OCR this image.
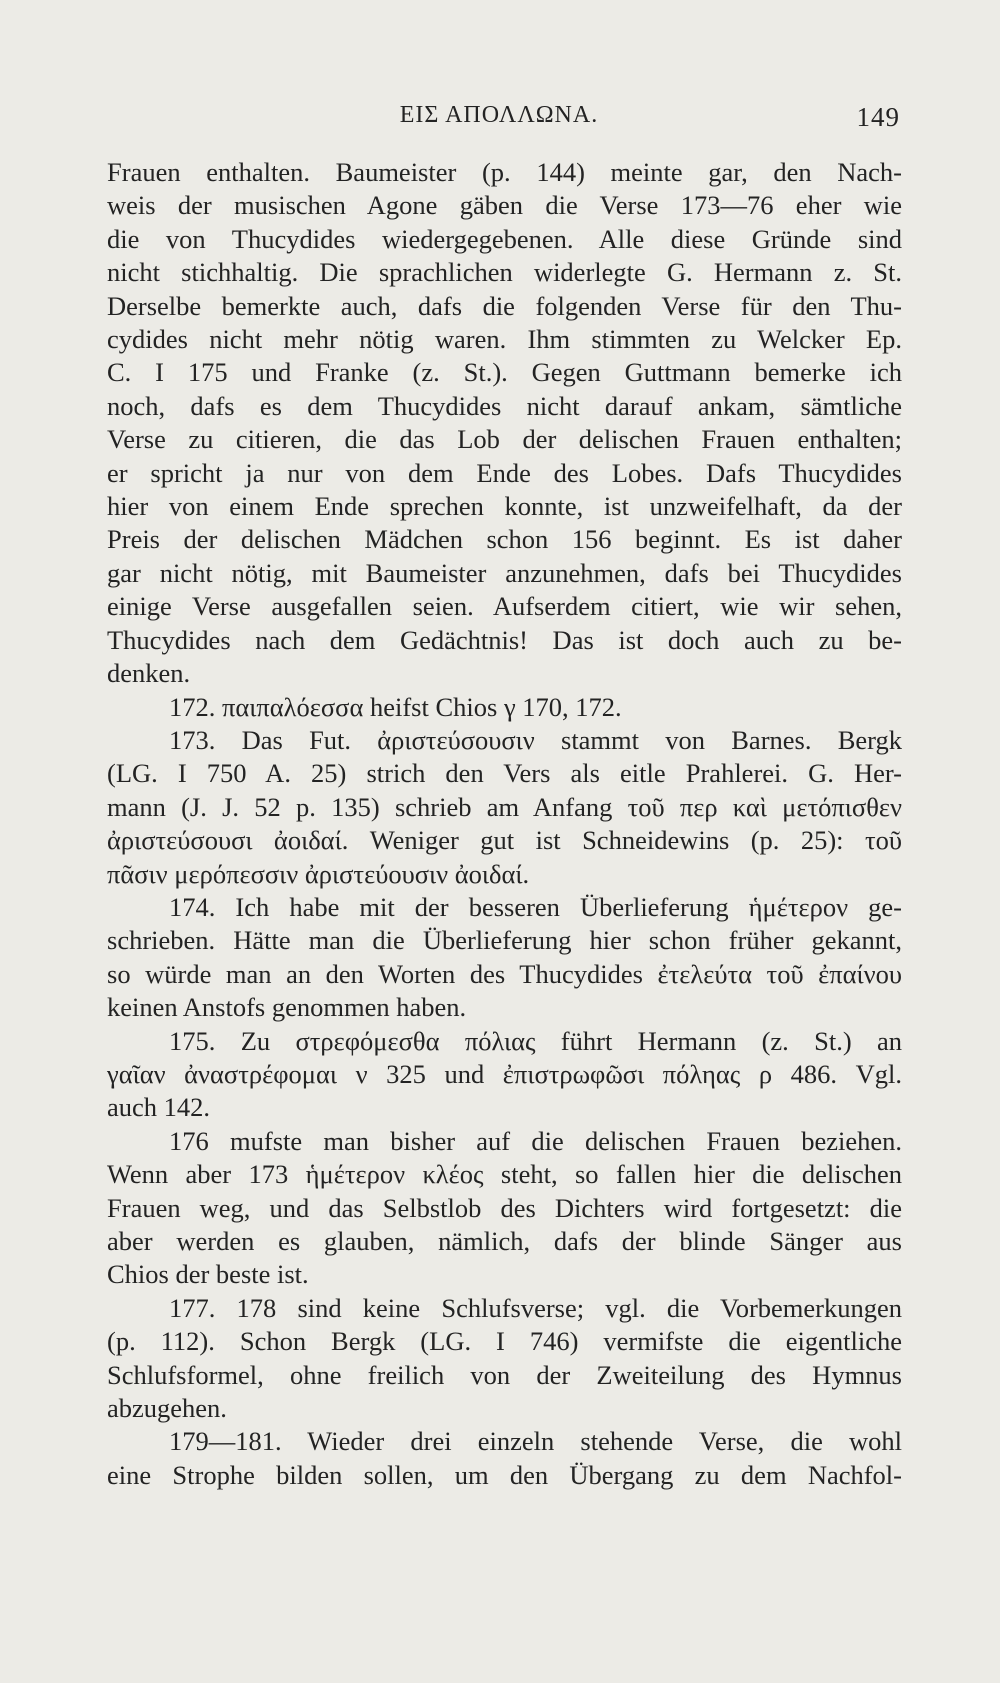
ΕΙΣ ΑΠΟΛΛΩΝΑ.	149
Frauen enthalten. Baumeister (p. 144) meinte gar, den Nach-
weis der musischen Agone gäben die Verse 173—76 eher wie
die von Thucydides wiedergegebenen. Alle diese Gründe sind
nicht stichhaltig. Die sprachlichen widerlegte G. Hermann z. St.
Derselbe bemerkte auch, dafs die folgenden Verse für den Thu-
cydides nicht mehr nötig waren. Ihm stimmten zu Welcker Ep.
C. I 175 und Franke (z. St.). Gegen Guttmann bemerke ich
noch, dafs es dem Thucydides nicht darauf ankam, sämtliche
Verse zu citieren, die das Lob der delischen Frauen enthalten;
er spricht ja nur von dem Ende des Lobes. Dafs Thucydides
hier von einem Ende sprechen konnte, ist unzweifelhaft, da der
Preis der delischen Mädchen schon 156 beginnt. Es ist daher
gar nicht nötig, mit Baumeister anzunehmen, dafs bei Thucydides
einige Verse ausgefallen seien. Aufserdem citiert, wie wir sehen,
Thucydides nach dem Gedächtnis! Das ist doch auch zu be-
denken.
172. παιπαλόεσσα heifst Chios γ 170, 172.
173. Das Fut. ἀριστεύσουσιν stammt von Barnes. Bergk
(LG. I 750 A. 25) strich den Vers als eitle Prahlerei. G. Her-
mann (J. J. 52 p. 135) schrieb am Anfang τοῦ περ καὶ μετόπισθεν
ἀριστεύσουσι ἀοιδαί. Weniger gut ist Schneidewins (p. 25): τοῦ
πᾶσιν μερόπεσσιν ἀριστεύουσιν ἀοιδαί.
174. Ich habe mit der besseren Überlieferung ἡμέτερον ge-
schrieben. Hätte man die Überlieferung hier schon früher gekannt,
so würde man an den Worten des Thucydides ἐτελεύτα τοῦ ἐπαίνου
keinen Anstofs genommen haben.
175. Zu στρεφόμεσθα πόλιας führt Hermann (z. St.) an
γαῖαν ἀναστρέφομαι ν 325 und ἐπιστρωφῶσι πόληας ρ 486. Vgl.
auch 142.
176 mufste man bisher auf die delischen Frauen beziehen.
Wenn aber 173 ἡμέτερον κλέος steht, so fallen hier die delischen
Frauen weg, und das Selbstlob des Dichters wird fortgesetzt: die
aber werden es glauben, nämlich, dafs der blinde Sänger aus
Chios der beste ist.
177. 178 sind keine Schlufsverse; vgl. die Vorbemerkungen
(p. 112). Schon Bergk (LG. I 746) vermifste die eigentliche
Schlufsformel, ohne freilich von der Zweiteilung des Hymnus
abzugehen.
179—181. Wieder drei einzeln stehende Verse, die wohl
eine Strophe bilden sollen, um den Übergang zu dem Nachfol-
